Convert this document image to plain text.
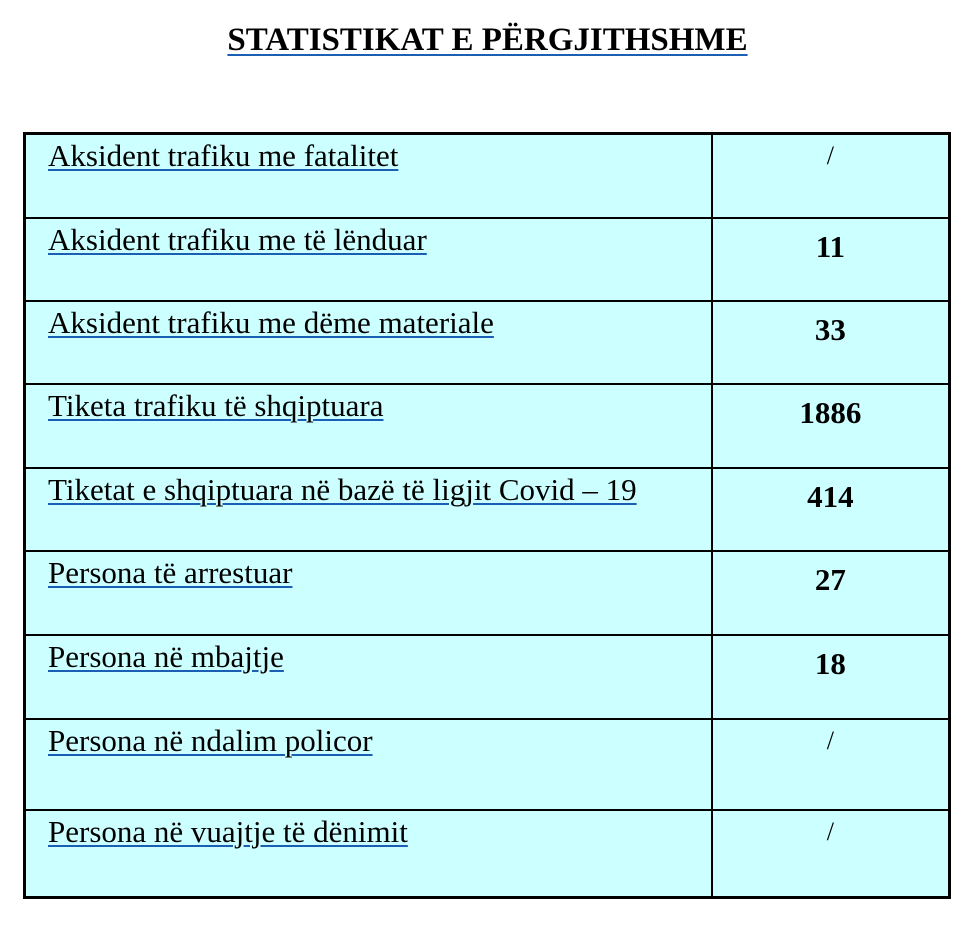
STATISTIKAT E PËRGJITHSHME
Aksident trafiku me fatalitet	/
Aksident trafiku me të lënduar	11
Aksident trafiku me dëme materiale	33
Tiketa trafiku të shqiptuara	1886
Tiketat e shqiptuara në bazë të ligjit Covid – 19	414
Persona të arrestuar	27
Persona në mbajtje	18
Persona në ndalim policor	/
Persona në vuajtje të dënimit	/
